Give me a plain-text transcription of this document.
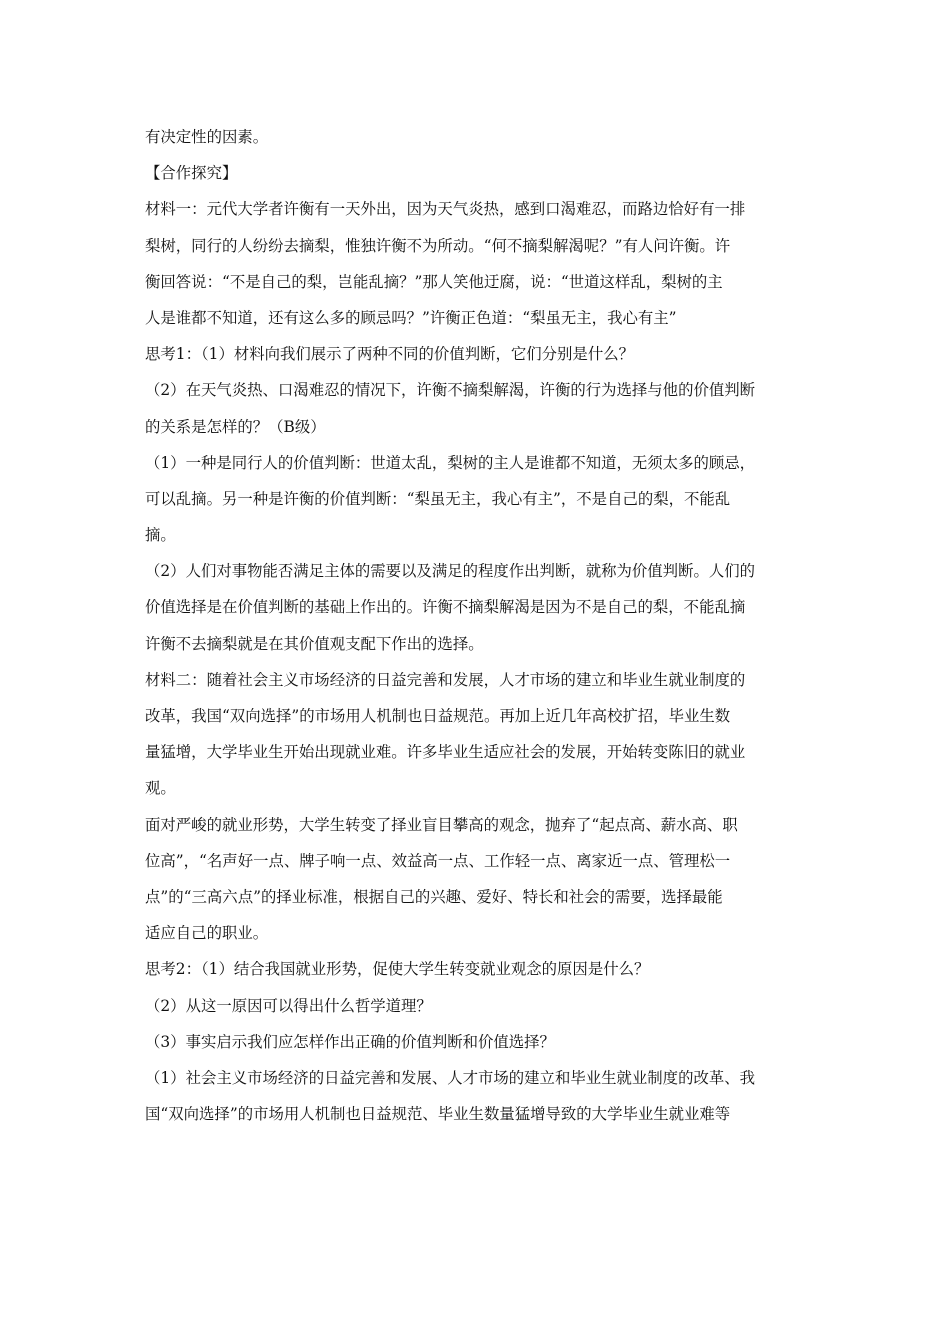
有决定性的因素。
【合作探究】
材料一：元代大学者许衡有一天外出，因为天气炎热，感到口渴难忍，而路边恰好有一排
梨树，同行的人纷纷去摘梨，惟独许衡不为所动。“何不摘梨解渴呢？”有人问许衡。许
衡回答说：“不是自己的梨，岂能乱摘？”那人笑他迂腐，说：“世道这样乱，梨树的主
人是谁都不知道，还有这么多的顾忌吗？”许衡正色道：“梨虽无主，我心有主”
思考1：（1）材料向我们展示了两种不同的价值判断，它们分别是什么？
（2）在天气炎热、口渴难忍的情况下，许衡不摘梨解渴，许衡的行为选择与他的价值判断
的关系是怎样的？（B级）
（1）一种是同行人的价值判断：世道太乱，梨树的主人是谁都不知道，无须太多的顾忌，
可以乱摘。另一种是许衡的价值判断：“梨虽无主，我心有主”，不是自己的梨，不能乱
摘。
（2）人们对事物能否满足主体的需要以及满足的程度作出判断，就称为价值判断。人们的
价值选择是在价值判断的基础上作出的。许衡不摘梨解渴是因为不是自己的梨，不能乱摘
许衡不去摘梨就是在其价值观支配下作出的选择。
材料二：随着社会主义市场经济的日益完善和发展，人才市场的建立和毕业生就业制度的
改革，我国“双向选择”的市场用人机制也日益规范。再加上近几年高校扩招，毕业生数
量猛增，大学毕业生开始出现就业难。许多毕业生适应社会的发展，开始转变陈旧的就业
观。
面对严峻的就业形势，大学生转变了择业盲目攀高的观念，抛弃了“起点高、薪水高、职
位高”，“名声好一点、牌子响一点、效益高一点、工作轻一点、离家近一点、管理松一
点”的“三高六点”的择业标准，根据自己的兴趣、爱好、特长和社会的需要，选择最能
适应自己的职业。
思考2：（1）结合我国就业形势，促使大学生转变就业观念的原因是什么？
（2）从这一原因可以得出什么哲学道理？
（3）事实启示我们应怎样作出正确的价值判断和价值选择？
（1）社会主义市场经济的日益完善和发展、人才市场的建立和毕业生就业制度的改革、我
国“双向选择”的市场用人机制也日益规范、毕业生数量猛增导致的大学毕业生就业难等
